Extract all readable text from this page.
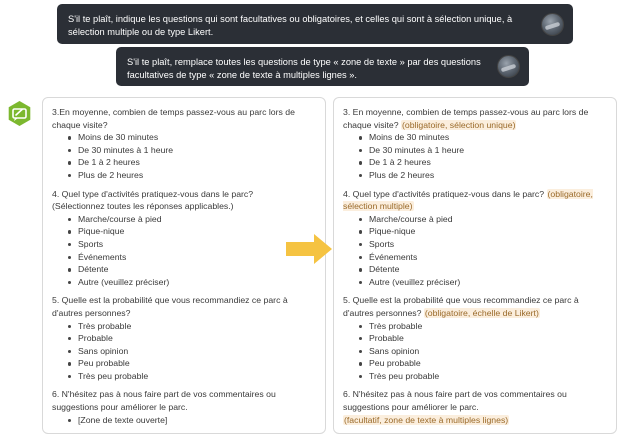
S'il te plaît, indique les questions qui sont facultatives ou obligatoires, et celles qui sont à sélection unique, à sélection multiple ou de type Likert.
S'il te plaît, remplace toutes les questions de type « zone de texte » par des questions facultatives de type « zone de texte à multiples lignes ».

3.En moyenne, combien de temps passez-vous au parc lors de chaque visite?

Moins de 30 minutes
De 30 minutes à 1 heure
De 1 à 2 heures
Plus de 2 heures

4. Quel type d'activités pratiquez-vous dans le parc?

(Sélectionnez toutes les réponses applicables.)

Marche/course à pied
Pique-nique
Sports
Événements
Détente
Autre (veuillez préciser)

5. Quelle est la probabilité que vous recommandiez ce parc à d'autres personnes?

Très probable
Probable
Sans opinion
Peu probable
Très peu probable

6. N'hésitez pas à nous faire part de vos commentaires ou suggestions pour améliorer le parc.

[Zone de texte ouverte]

3. En moyenne, combien de temps passez-vous au parc lors de chaque visite? (obligatoire, sélection unique)

Moins de 30 minutes
De 30 minutes à 1 heure
De 1 à 2 heures
Plus de 2 heures

4. Quel type d'activités pratiquez-vous dans le parc? (obligatoire, sélection multiple)

Marche/course à pied
Pique-nique
Sports
Événements
Détente
Autre (veuillez préciser)

5. Quelle est la probabilité que vous recommandiez ce parc à d'autres personnes? (obligatoire, échelle de Likert)

Très probable
Probable
Sans opinion
Peu probable
Très peu probable

6. N'hésitez pas à nous faire part de vos commentaires ou suggestions pour améliorer le parc.

(facultatif, zone de texte à multiples lignes)
